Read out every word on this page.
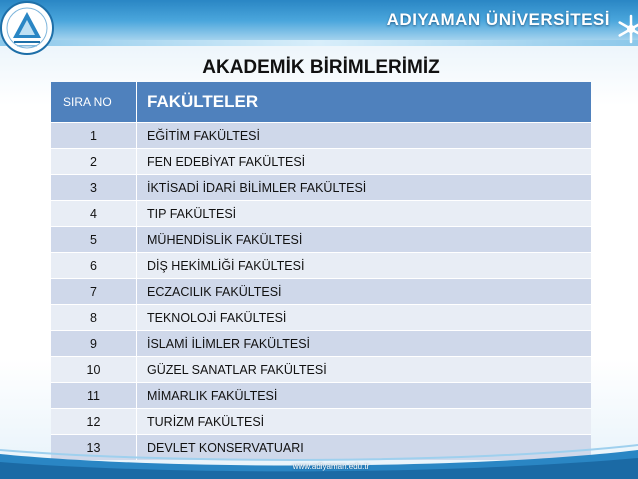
ADIYAMAN ÜNİVERSİTESİ
AKADEMİK BİRİMLERİMİZ
SIRA NO	FAKÜLTELER
1	EĞİTİM FAKÜLTESİ
2	FEN EDEBİYAT FAKÜLTESİ
3	İKTİSADİ İDARİ BİLİMLER FAKÜLTESİ
4	TIP FAKÜLTESİ
5	MÜHENDİSLİK FAKÜLTESİ
6	DİŞ HEKİMLİĞİ FAKÜLTESİ
7	ECZACILIK FAKÜLTESİ
8	TEKNOLOJİ FAKÜLTESİ
9	İSLAMİ İLİMLER FAKÜLTESİ
10	GÜZEL SANATLAR FAKÜLTESİ
11	MİMARLIK FAKÜLTESİ
12	TURİZM FAKÜLTESİ
13	DEVLET KONSERVATUARI
www.adiyaman.edu.tr
